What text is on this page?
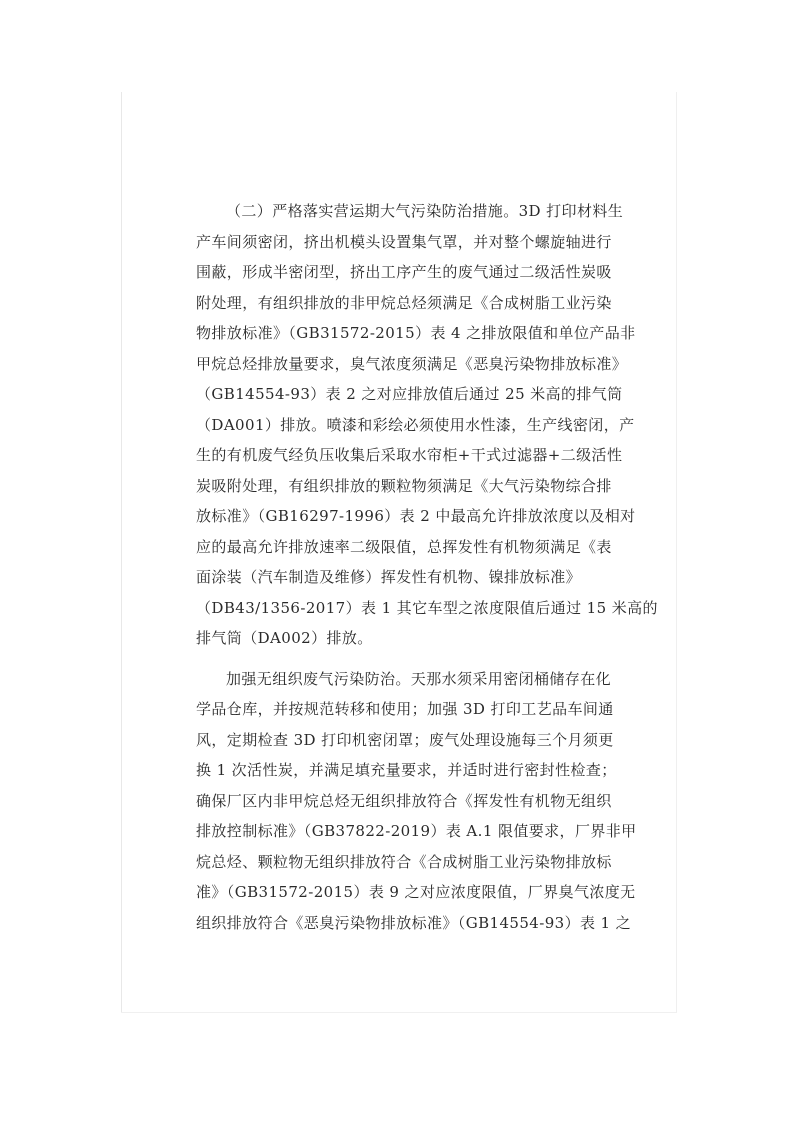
（二）严格落实营运期大气污染防治措施。3D 打印材料生
产车间须密闭，挤出机模头设置集气罩，并对整个螺旋轴进行
围蔽，形成半密闭型，挤出工序产生的废气通过二级活性炭吸
附处理，有组织排放的非甲烷总烃须满足《合成树脂工业污染
物排放标准》（GB31572-2015）表 4 之排放限值和单位产品非
甲烷总烃排放量要求，臭气浓度须满足《恶臭污染物排放标准》
（GB14554-93）表 2 之对应排放值后通过 25 米高的排气筒
（DA001）排放。喷漆和彩绘必须使用水性漆，生产线密闭，产
生的有机废气经负压收集后采取水帘柜+干式过滤器+二级活性
炭吸附处理，有组织排放的颗粒物须满足《大气污染物综合排
放标准》（GB16297-1996）表 2 中最高允许排放浓度以及相对
应的最高允许排放速率二级限值，总挥发性有机物须满足《表
面涂装（汽车制造及维修）挥发性有机物、镍排放标准》
（DB43/1356-2017）表 1 其它车型之浓度限值后通过 15 米高的
排气筒（DA002）排放。
加强无组织废气污染防治。天那水须采用密闭桶储存在化
学品仓库，并按规范转移和使用；加强 3D 打印工艺品车间通
风，定期检查 3D 打印机密闭罩；废气处理设施每三个月须更
换 1 次活性炭，并满足填充量要求，并适时进行密封性检查；
确保厂区内非甲烷总烃无组织排放符合《挥发性有机物无组织
排放控制标准》（GB37822-2019）表 A.1 限值要求，厂界非甲
烷总烃、颗粒物无组织排放符合《合成树脂工业污染物排放标
准》（GB31572-2015）表 9 之对应浓度限值，厂界臭气浓度无
组织排放符合《恶臭污染物排放标准》（GB14554-93）表 1 之
